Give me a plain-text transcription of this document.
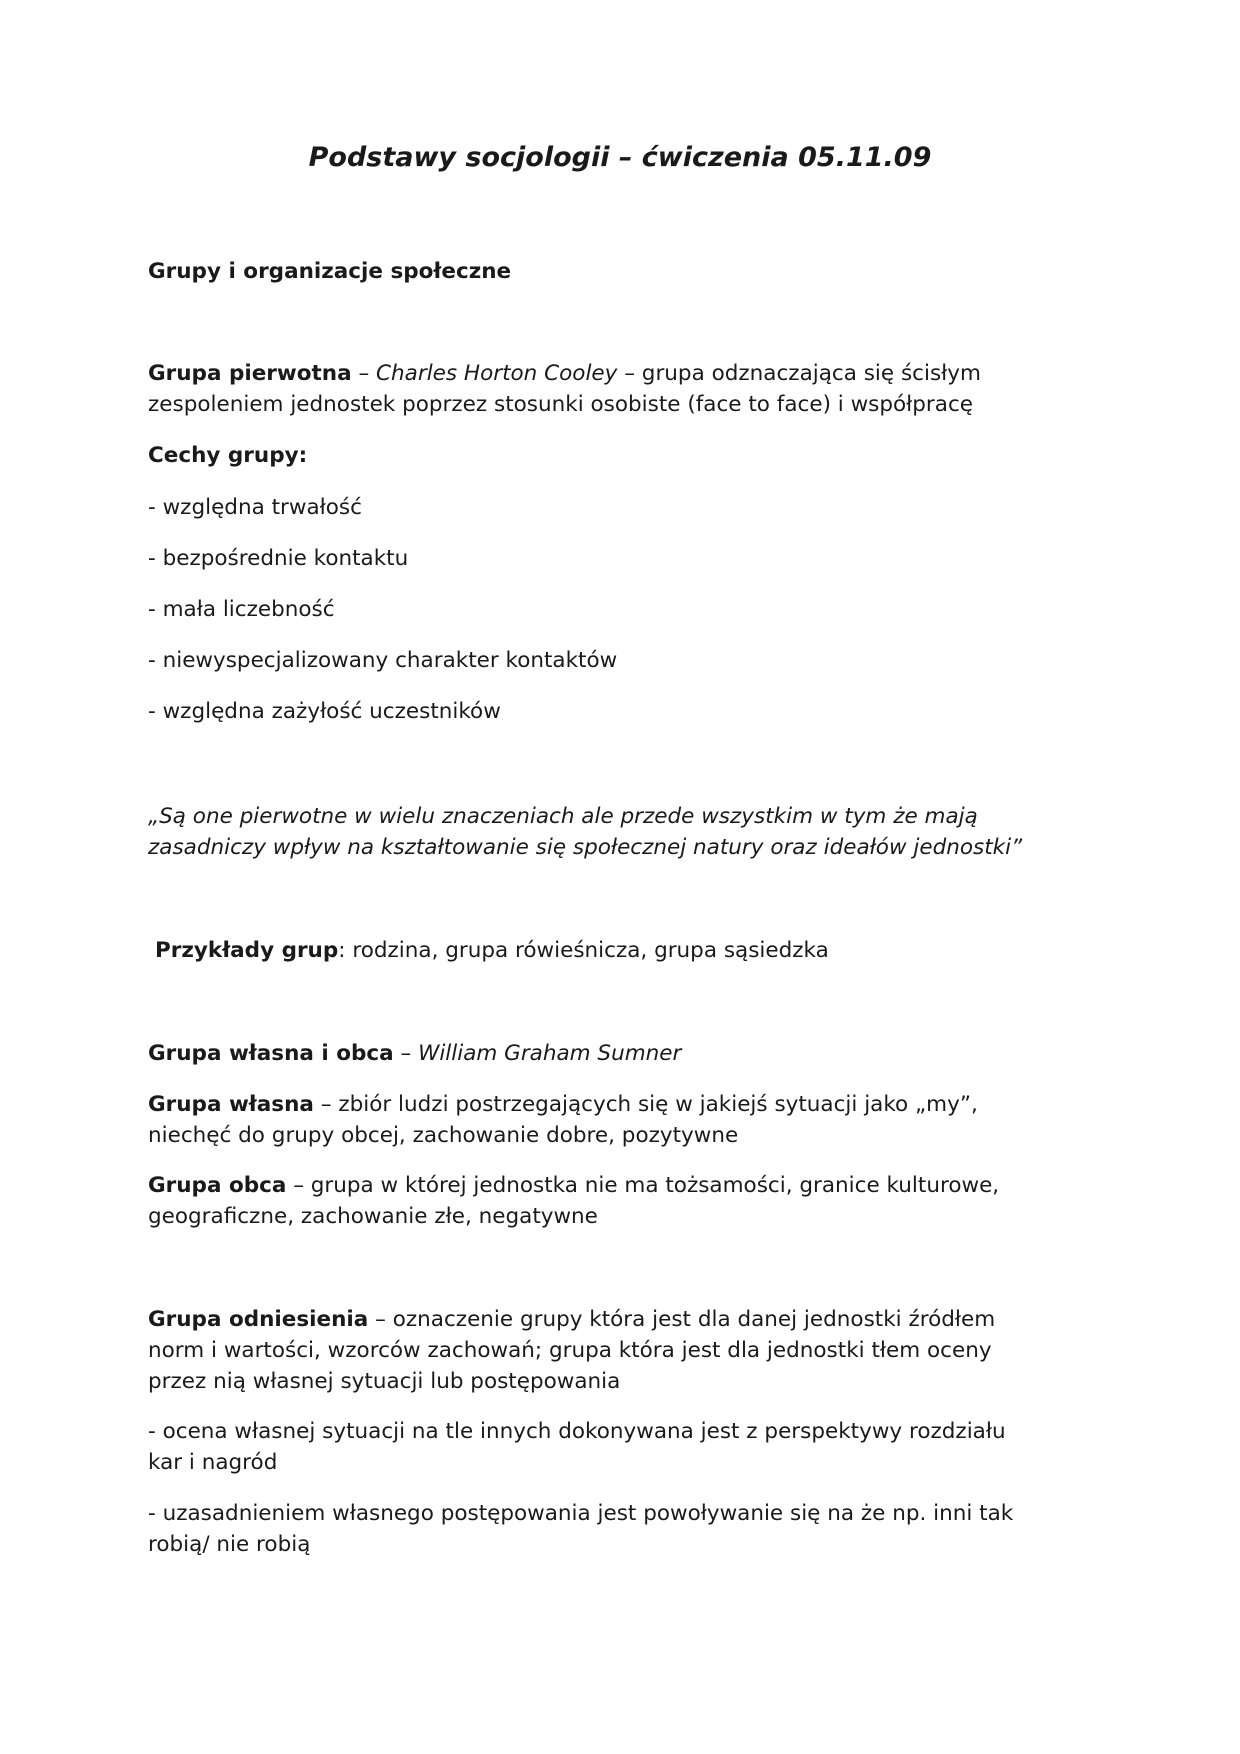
Podstawy socjologii – ćwiczenia 05.11.09

Grupy i organizacje społeczne

Grupa pierwotna – Charles Horton Cooley – grupa odznaczająca się ścisłym
zespoleniem jednostek poprzez stosunki osobiste (face to face) i współpracę

Cechy grupy:

- względna trwałość

- bezpośrednie kontaktu

- mała liczebność

- niewyspecjalizowany charakter kontaktów

- względna zażyłość uczestników

„Są one pierwotne w wielu znaczeniach ale przede wszystkim w tym że mają
zasadniczy wpływ na kształtowanie się społecznej natury oraz ideałów jednostki”

Przykłady grup: rodzina, grupa rówieśnicza, grupa sąsiedzka

Grupa własna i obca – William Graham Sumner

Grupa własna – zbiór ludzi postrzegających się w jakiejś sytuacji jako „my”,
niechęć do grupy obcej, zachowanie dobre, pozytywne

Grupa obca – grupa w której jednostka nie ma tożsamości, granice kulturowe,
geograficzne, zachowanie złe, negatywne

Grupa odniesienia – oznaczenie grupy która jest dla danej jednostki źródłem
norm i wartości, wzorców zachowań; grupa która jest dla jednostki tłem oceny
przez nią własnej sytuacji lub postępowania

- ocena własnej sytuacji na tle innych dokonywana jest z perspektywy rozdziału
kar i nagród

- uzasadnieniem własnego postępowania jest powoływanie się na że np. inni tak
robią/ nie robią
